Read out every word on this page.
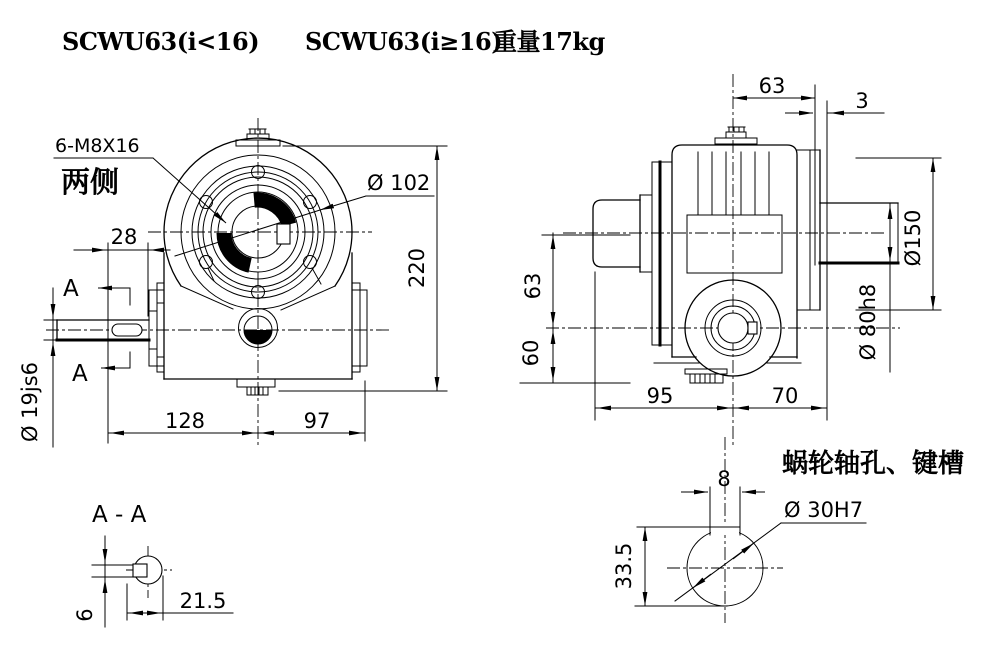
SCWU63(i<16) SCWU63(i≥16)
重量17kg
6-M8X16
两侧	Ø 102
28
A
A
Ø 19js6	128	97
220
63
3
Ø150
Ø 80h8
63
60
95	70
A - A
6
21.5
蜗轮轴孔、键槽
8
Ø 30H7
33.5
